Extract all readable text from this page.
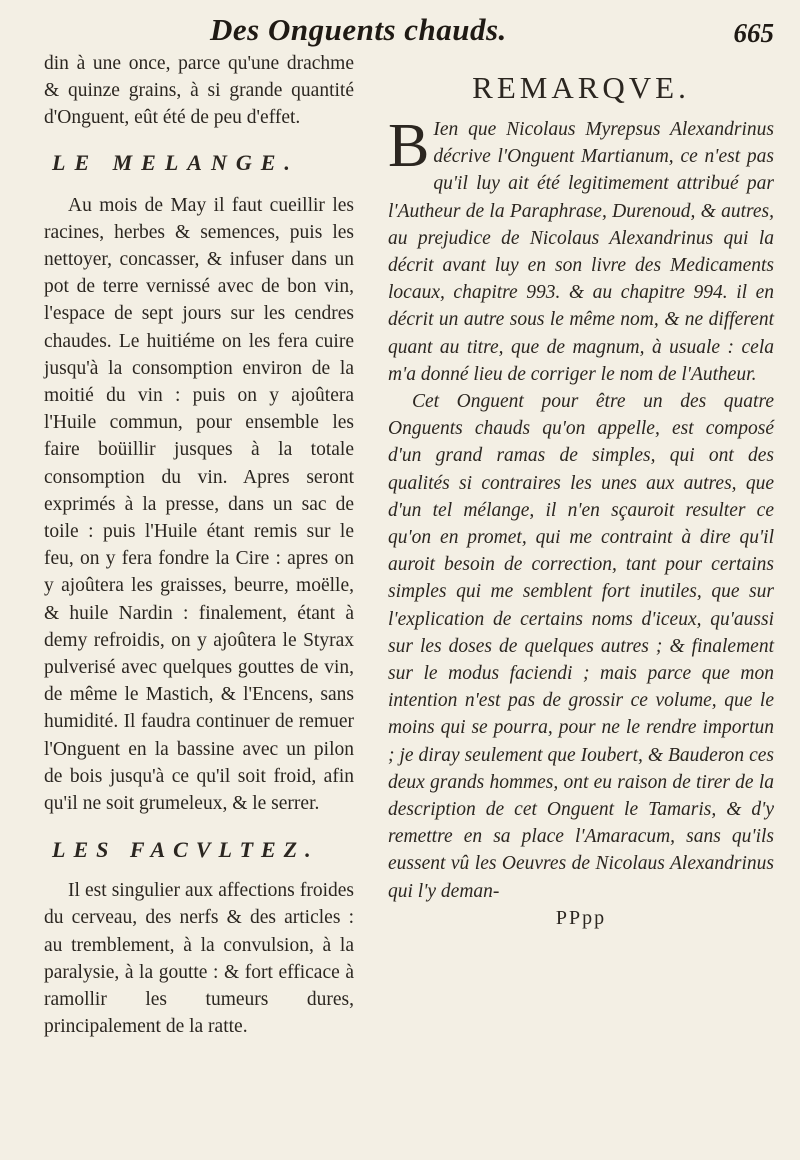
Des Onguents chauds.	665

din à une once, parce qu'une drachme & quinze grains, à si grande quantité d'Onguent, eût été de peu d'effet.

LE MELANGE.

Au mois de May il faut cueillir les racines, herbes & semences, puis les nettoyer, concasser, & infuser dans un pot de terre vernissé avec de bon vin, l'espace de sept jours sur les cendres chaudes. Le huitiéme on les fera cuire jusqu'à la consomption environ de la moitié du vin : puis on y ajoûtera l'Huile commun, pour ensemble les faire boüillir jusques à la totale consomption du vin. Apres seront exprimés à la presse, dans un sac de toile : puis l'Huile étant remis sur le feu, on y fera fondre la Cire : apres on y ajoûtera les graisses, beurre, moëlle, & huile Nardin : finalement, étant à demy refroidis, on y ajoûtera le Styrax pulverisé avec quelques gouttes de vin, de même le Mastich, & l'Encens, sans humidité. Il faudra continuer de remuer l'Onguent en la bassine avec un pilon de bois jusqu'à ce qu'il soit froid, afin qu'il ne soit grumeleux, & le serrer.

LES FACVLTEZ.

Il est singulier aux affections froides du cerveau, des nerfs & des articles : au tremblement, à la convulsion, à la paralysie, à la goutte : & fort efficace à ramollir les tumeurs dures, principalement de la ratte.

REMARQVE.

B Ien que Nicolaus Myrepsus Alexandrinus décrive l'Onguent Martianum, ce n'est pas qu'il luy ait été legitimement attribué par l'Autheur de la Paraphrase, Durenoud, & autres, au prejudice de Nicolaus Alexandrinus qui la décrit avant luy en son livre des Medicaments locaux, chapitre 993. & au chapitre 994. il en décrit un autre sous le même nom, & ne different quant au titre, que de magnum, à usuale : cela m'a donné lieu de corriger le nom de l'Autheur.

Cet Onguent pour être un des quatre Onguents chauds qu'on appelle, est composé d'un grand ramas de simples, qui ont des qualités si contraires les unes aux autres, que d'un tel mélange, il n'en sçauroit resulter ce qu'on en promet, qui me contraint à dire qu'il auroit besoin de correction, tant pour certains simples qui me semblent fort inutiles, que sur l'explication de certains noms d'iceux, qu'aussi sur les doses de quelques autres ; & finalement sur le modus faciendi ; mais parce que mon intention n'est pas de grossir ce volume, que le moins qui se pourra, pour ne le rendre importun ; je diray seulement que Ioubert, & Bauderon ces deux grands hommes, ont eu raison de tirer de la description de cet Onguent le Tamaris, & d'y remettre en sa place l'Amaracum, sans qu'ils eussent vû les Oeuvres de Nicolaus Alexandrinus qui l'y deman-

PPpp
